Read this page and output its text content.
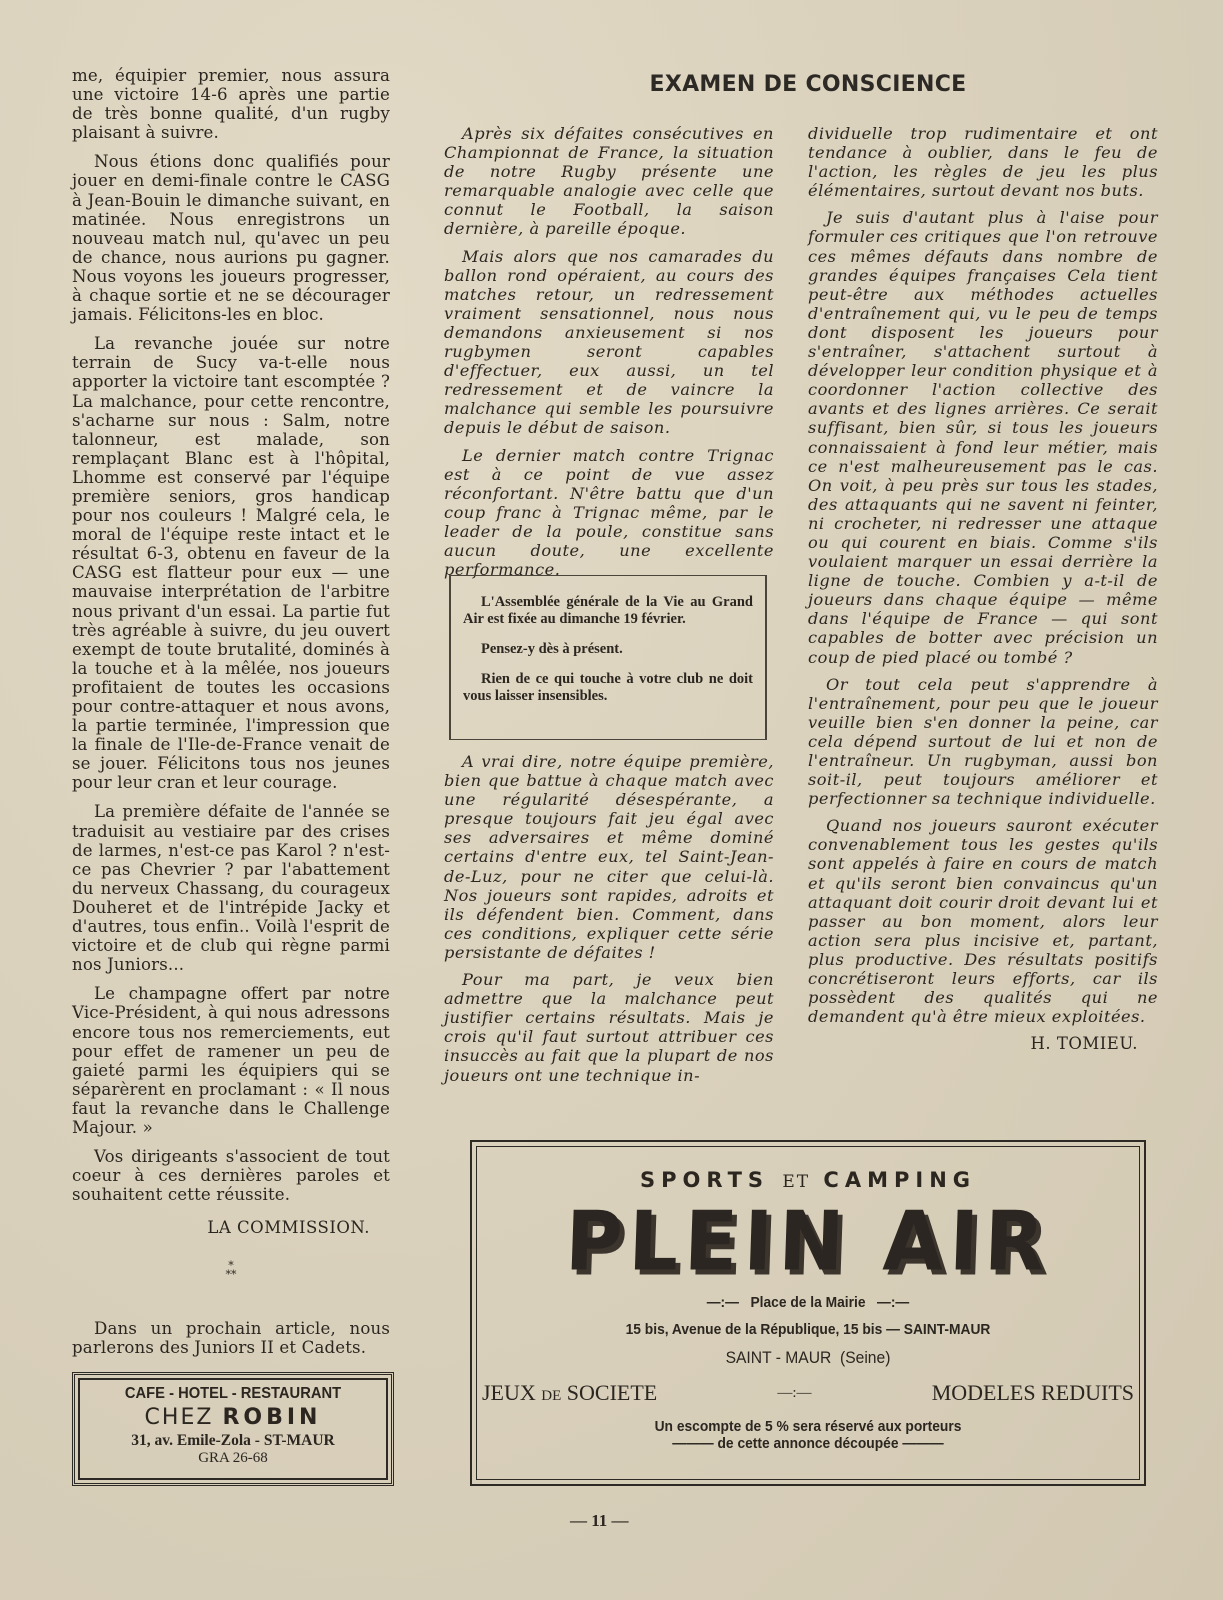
me, équipier premier, nous assura une victoire 14-6 après une partie de très bonne qualité, d'un rugby plaisant à suivre.

Nous étions donc qualifiés pour jouer en demi-finale contre le CASG à Jean-Bouin le dimanche suivant, en matinée. Nous enregistrons un nouveau match nul, qu'avec un peu de chance, nous aurions pu gagner. Nous voyons les joueurs progresser, à chaque sortie et ne se décourager jamais. Félicitons-les en bloc.

La revanche jouée sur notre terrain de Sucy va-t-elle nous apporter la victoire tant escomptée ? La malchance, pour cette rencontre, s'acharne sur nous : Salm, notre talonneur, est malade, son remplaçant Blanc est à l'hôpital, Lhomme est conservé par l'équipe première seniors, gros handicap pour nos couleurs ! Malgré cela, le moral de l'équipe reste intact et le résultat 6-3, obtenu en faveur de la CASG est flatteur pour eux — une mauvaise interprétation de l'arbitre nous privant d'un essai. La partie fut très agréable à suivre, du jeu ouvert exempt de toute brutalité, dominés à la touche et à la mêlée, nos joueurs profitaient de toutes les occasions pour contre-attaquer et nous avons, la partie terminée, l'impression que la finale de l'Ile-de-France venait de se jouer. Félicitons tous nos jeunes pour leur cran et leur courage.

La première défaite de l'année se traduisit au vestiaire par des crises de larmes, n'est-ce pas Karol ? n'est-ce pas Chevrier ? par l'abattement du nerveux Chassang, du courageux Douheret et de l'intrépide Jacky et d'autres, tous enfin.. Voilà l'esprit de victoire et de club qui règne parmi nos Juniors...

Le champagne offert par notre Vice-Président, à qui nous adressons encore tous nos remerciements, eut pour effet de ramener un peu de gaieté parmi les équipiers qui se séparèrent en proclamant : « Il nous faut la revanche dans le Challenge Majour. »

Vos dirigeants s'associent de tout coeur à ces dernières paroles et souhaitent cette réussite.

LA COMMISSION.
*
**

Dans un prochain article, nous parlerons des Juniors II et Cadets.

EXAMEN DE CONSCIENCE

Après six défaites consécutives en Championnat de France, la situation de notre Rugby présente une remarquable analogie avec celle que connut le Football, la saison dernière, à pareille époque.

Mais alors que nos camarades du ballon rond opéraient, au cours des matches retour, un redressement vraiment sensationnel, nous nous demandons anxieusement si nos rugbymen seront capables d'effectuer, eux aussi, un tel redressement et de vaincre la malchance qui semble les poursuivre depuis le début de saison.

Le dernier match contre Trignac est à ce point de vue assez réconfortant. N'être battu que d'un coup franc à Trignac même, par le leader de la poule, constitue sans aucun doute, une excellente performance.

L'Assemblée générale de la Vie au Grand Air est fixée au dimanche 19 février.

Pensez-y dès à présent.

Rien de ce qui touche à votre club ne doit vous laisser insensibles.

A vrai dire, notre équipe première, bien que battue à chaque match avec une régularité désespérante, a presque toujours fait jeu égal avec ses adversaires et même dominé certains d'entre eux, tel Saint-Jean-de-Luz, pour ne citer que celui-là. Nos joueurs sont rapides, adroits et ils défendent bien. Comment, dans ces conditions, expliquer cette série persistante de défaites !

Pour ma part, je veux bien admettre que la malchance peut justifier certains résultats. Mais je crois qu'il faut surtout attribuer ces insuccès au fait que la plupart de nos joueurs ont une technique in-

dividuelle trop rudimentaire et ont tendance à oublier, dans le feu de l'action, les règles de jeu les plus élémentaires, surtout devant nos buts.

Je suis d'autant plus à l'aise pour formuler ces critiques que l'on retrouve ces mêmes défauts dans nombre de grandes équipes françaises Cela tient peut-être aux méthodes actuelles d'entraînement qui, vu le peu de temps dont disposent les joueurs pour s'entraîner, s'attachent surtout à développer leur condition physique et à coordonner l'action collective des avants et des lignes arrières. Ce serait suffisant, bien sûr, si tous les joueurs connaissaient à fond leur métier, mais ce n'est malheureusement pas le cas. On voit, à peu près sur tous les stades, des attaquants qui ne savent ni feinter, ni crocheter, ni redresser une attaque ou qui courent en biais. Comme s'ils voulaient marquer un essai derrière la ligne de touche. Combien y a-t-il de joueurs dans chaque équipe — même dans l'équipe de France — qui sont capables de botter avec précision un coup de pied placé ou tombé ?

Or tout cela peut s'apprendre à l'entraînement, pour peu que le joueur veuille bien s'en donner la peine, car cela dépend surtout de lui et non de l'entraîneur. Un rugbyman, aussi bon soit-il, peut toujours améliorer et perfectionner sa technique individuelle.

Quand nos joueurs sauront exécuter convenablement tous les gestes qu'ils sont appelés à faire en cours de match et qu'ils seront bien convaincus qu'un attaquant doit courir droit devant lui et passer au bon moment, alors leur action sera plus incisive et, partant, plus productive. Des résultats positifs concrétiseront leurs efforts, car ils possèdent des qualités qui ne demandent qu'à être mieux exploitées.

H. TOMIEU.
CAFE - HOTEL - RESTAURANT
CHEZ ROBIN
31, av. Emile-Zola - ST-MAUR
GRA 26-68
SPORTS ET CAMPING
PLEIN AIR
—:—   Place de la Mairie   —:—
15 bis, Avenue de la République, 15 bis — SAINT-MAUR
SAINT - MAUR  (Seine)
JEUX DE SOCIETE	—:—	MODELES REDUITS
Un escompte de 5 % sera réservé aux porteurs
——— de cette annonce découpée ———
— 11 —
